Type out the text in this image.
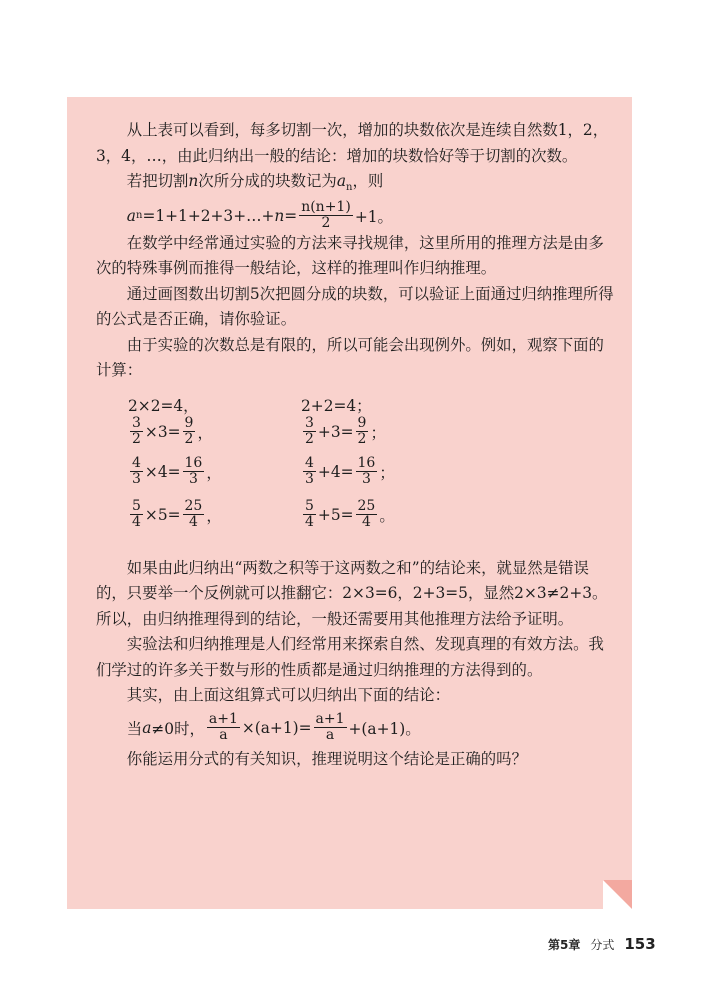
从上表可以看到，每多切割一次，增加的块数依次是连续自然数1，2，3，4，…，由此归纳出一般的结论：增加的块数恰好等于切割的次数。

若把切割n次所分成的块数记为$a_n$，则

a n =1+1+2+3+…+ $n = \frac{n(n+1)}{2} +1$。

在数学中经常通过实验的方法来寻找规律，这里所用的推理方法是由多次的特殊事例而推得一般结论，这样的推理叫作归纳推理。

通过画图数出切割5次把圆分成的块数，可以验证上面通过归纳推理所得的公式是否正确，请你验证。

由于实验的次数总是有限的，所以可能会出现例外。例如，观察下面的计算：

2×2=4，	2+2=4；
$\frac{3}{2} \times 3= \frac{9}{2}$ ，	$\frac{3}{2} +3= \frac{9}{2}$ ；
$\frac{4}{3} \times 4= \frac{16}{3}$ ，	$\frac{4}{3} +4= \frac{16}{3}$ ；
$\frac{5}{4} \times 5= \frac{25}{4}$ ，	$\frac{5}{4} +5= \frac{25}{4}$ 。

如果由此归纳出“两数之积等于这两数之和”的结论来，就显然是错误的，只要举一个反例就可以推翻它：2×3=6，2+3=5，显然2×3≠2+3。所以，由归纳推理得到的结论，一般还需要用其他推理方法给予证明。

实验法和归纳推理是人们经常用来探索自然、发现真理的有效方法。我们学过的许多关于数与形的性质都是通过归纳推理的方法得到的。

其实，由上面这组算式可以归纳出下面的结论：

当 a ≠0时， $\frac{a+1}{a} \times(a+1)= \frac{a+1}{a} +(a+1)$。

你能运用分式的有关知识，推理说明这个结论是正确的吗？

第5章 分式 153
